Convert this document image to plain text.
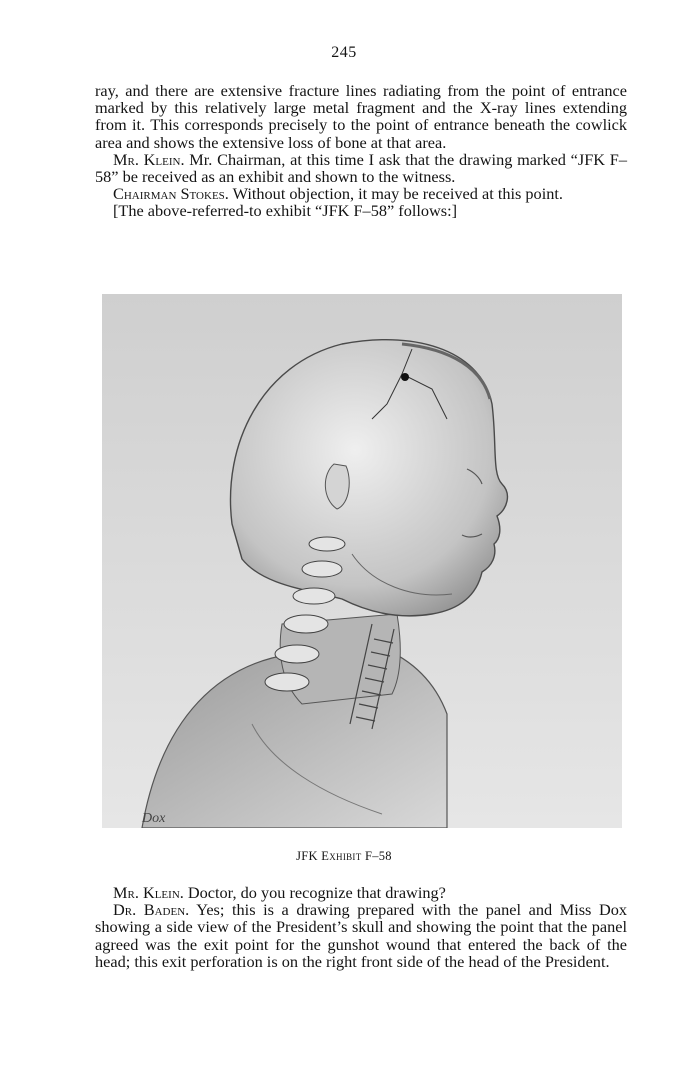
245

ray, and there are extensive fracture lines radiating from the point of entrance marked by this relatively large metal fragment and the X-ray lines extending from it. This corresponds precisely to the point of entrance beneath the cowlick area and shows the extensive loss of bone at that area.

Mr. Klein. Mr. Chairman, at this time I ask that the drawing marked “JFK F–58” be received as an exhibit and shown to the witness.

Chairman Stokes. Without objection, it may be received at this point.

[The above-referred-to exhibit “JFK F–58” follows:]

Dox
JFK Exhibit F–58

Mr. Klein. Doctor, do you recognize that drawing?

Dr. Baden. Yes; this is a drawing prepared with the panel and Miss Dox showing a side view of the President’s skull and showing the point that the panel agreed was the exit point for the gunshot wound that entered the back of the head; this exit perforation is on the right front side of the head of the President.
